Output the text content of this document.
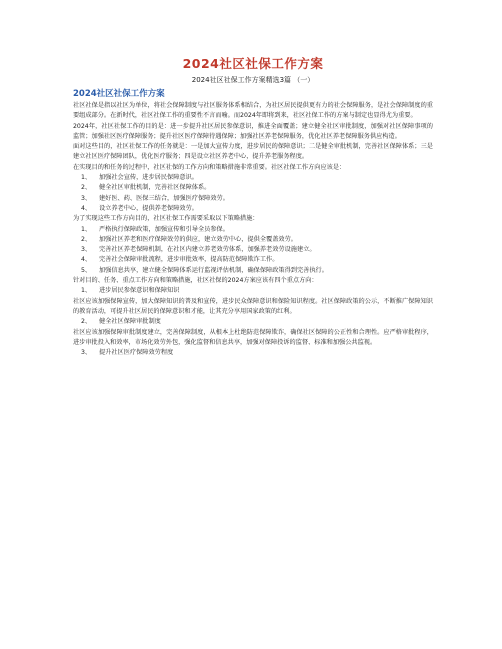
2024社区社保工作方案
2024社区社保工作方案精选3篇 （一）
2024社区社保工作方案

社区社保是指以社区为单位，将社会保障制度与社区服务体系相结合，为社区居民提供更有力的社会保障服务，是社会保障制度的重要组成部分。在新时代，社区社保工作的重要性不言而喻。而2024年即将到来，社区社保工作的方案与制定也显得尤为重要。

2024年，社区社保工作的目的是：进一步提升社区居民参保意识，推进全面覆盖；建立健全社区审批制度，加强对社区保障事项的监管；加强社区医疗保障服务；提升社区医疗保障待遇保障；加强社区养老保障服务，优化社区养老保障服务供应构造。

面对这些目的，社区社保工作的任务就是：一是加大宣传力度，进步居民的保障意识；二是健全审批机制，完善社区保障体系；三是建立社区医疗保障团队，优化医疗服务；四是设立社区养老中心，提升养老服务程度。

在实现目的和任务的过程中，社区社保的工作方向和策略措施非常重要。社区社保工作方向应该是：

1、 加强社会宣传，进步居民保障意识。
2、 健全社区审批机制，完善社区保障体系。
3、 建好医、药、医保三结合，加强医疗保障效劳。
4、 设立养老中心，提供养老保障效劳。

为了实现这些工作方向目的，社区社保工作需要采取以下策略措施：

1、 严格执行保障政策，加强宣传和引导全员参保。
2、 加强社区养老和医疗保障效劳的供应，建立效劳中心，提供全覆盖效劳。
3、 完善社区养老保障机制，在社区内建立养老效劳体系，加强养老效劳设施建立。
4、 完善社会保障审批流程，进步审批效率，提高防范保障欺诈工作。
5、 加强信息共享，建立健全保障体系运行监视评估机制，确保保障政策得到完善执行。

针对目的、任务、重点工作方向和策略措施，社区社保的2024方案应该有四个重点方向：

1、 进步居民参保意识和保障知识

社区应该加强保障宣传，加大保障知识的普及和宣传，进步民众保障意识和保险知识程度。社区保障政策的公示，不断推广保障知识的教育活动，可提升社区居民的保障意识和才能，让其充分享用国家政策的红利。

2、 健全社区保障审批制度

社区应该加强保障审批制度建立，完善保障制度，从根本上杜绝防范保障欺诈，确保社区保障的公正性和合理性。应严格审批程序，进步审批投入和效率，市场化效劳外包，强化监督和信息共享，加强对保障投诉的监督、标准和加强公共监视。

3、 提升社区医疗保障效劳程度
